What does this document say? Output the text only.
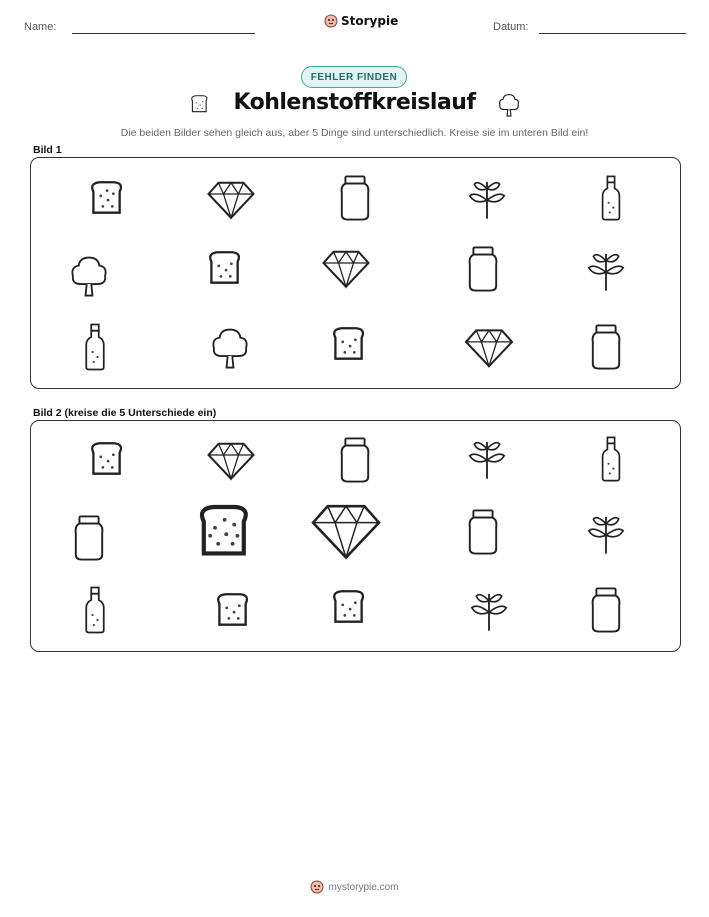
Name:	Storypie	Datum:
FEHLER FINDEN
Kohlenstoffkreislauf
Die beiden Bilder sehen gleich aus, aber 5 Dinge sind unterschiedlich. Kreise sie im unteren Bild ein!
Bild 1
Bild 2 (kreise die 5 Unterschiede ein)
mystorypie.com
